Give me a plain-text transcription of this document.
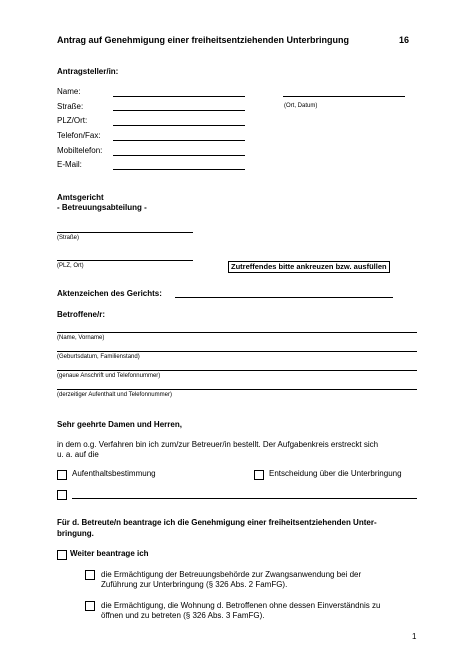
Antrag auf Genehmigung einer freiheitsentziehenden Unterbringung	16
Antragsteller/in:
Name:
Straße:	(Ort, Datum)
PLZ/Ort:
Telefon/Fax:
Mobiltelefon:
E-Mail:
Amtsgericht
- Betreuungsabteilung -
(Straße)
(PLZ, Ort)	Zutreffendes bitte ankreuzen bzw. ausfüllen
Aktenzeichen des Gerichts:
Betroffene/r:
(Name, Vorname)
(Geburtsdatum, Familienstand)
(genaue Anschrift und Telefonnummer)
(derzeitiger Aufenthalt und Telefonnummer)
Sehr geehrte Damen und Herren,
in dem o.g. Verfahren bin ich zum/zur Betreuer/in bestellt. Der Aufgabenkreis erstreckt sich
u. a. auf die
Aufenthaltsbestimmung	Entscheidung über die Unterbringung
Für d. Betreute/n beantrage ich die Genehmigung einer freiheitsentziehenden Unter-
bringung.
Weiter beantrage ich
die Ermächtigung der Betreuungsbehörde zur Zwangsanwendung bei der
Zuführung zur Unterbringung (§ 326 Abs. 2 FamFG).
die Ermächtigung, die Wohnung d. Betroffenen ohne dessen Einverständnis zu
öffnen und zu betreten (§ 326 Abs. 3 FamFG).
1
